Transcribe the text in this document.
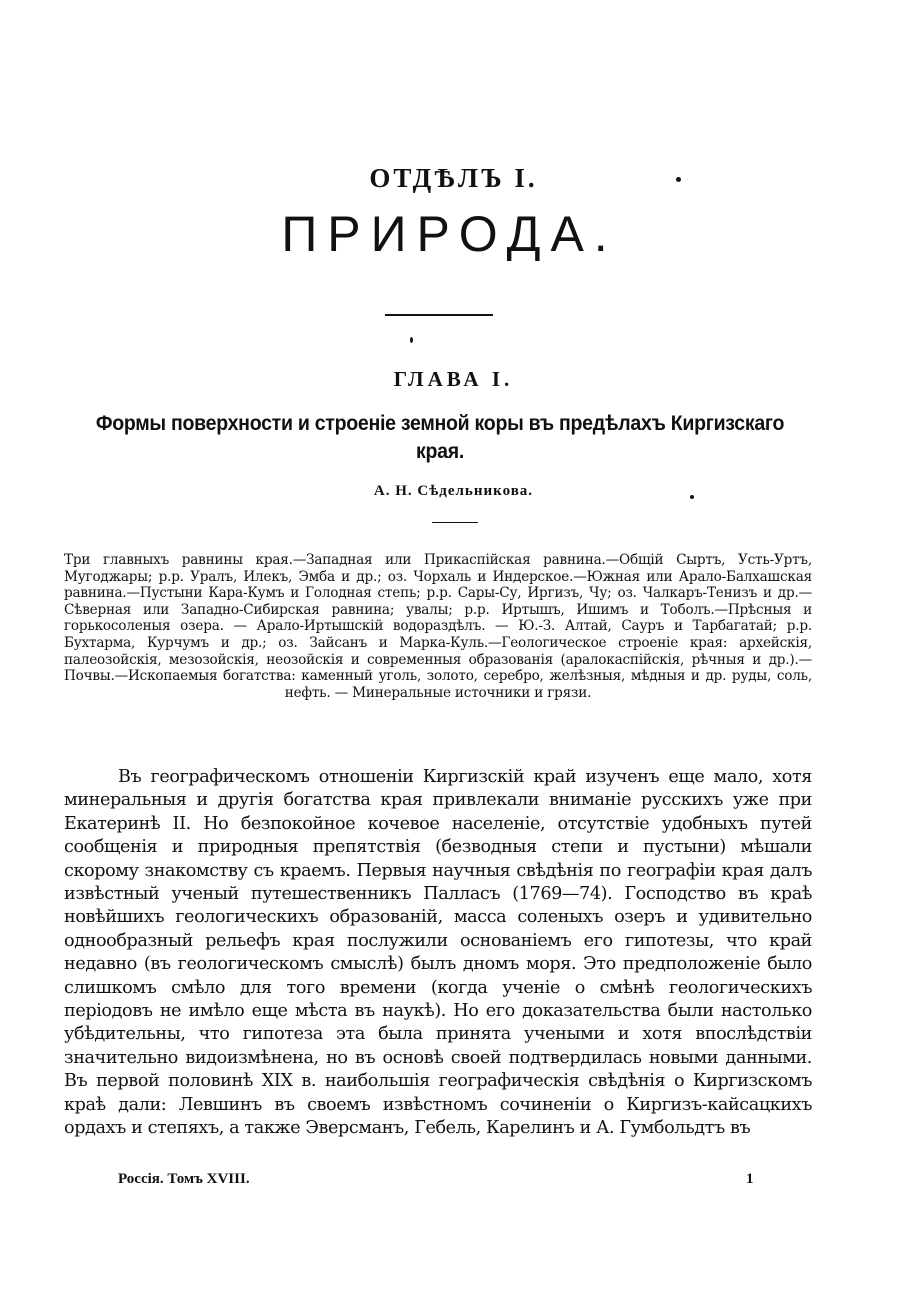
ОТДѢЛЪ I.
ПРИРОДА.
ГЛАВА I.
Формы поверхности и строеніе земной коры въ предѣлахъ Киргизскаго края.
А. Н. Сѣдельникова.
Три главныхъ равнины края.—Западная или Прикаспійская равнина.—Общій Сыртъ, Усть-Уртъ, Мугоджары; р.р. Уралъ, Илекъ, Эмба и др.; оз. Чорхаль и Индерское.—Южная или Арало-Балхашская равнина.—Пустыни Кара-Кумъ и Голодная степь; р.р. Сары-Су, Иргизъ, Чу; оз. Чалкаръ-Тенизъ и др.—Сѣверная или Западно-Сибирская равнина; увалы; р.р. Иртышъ, Ишимъ и Тоболъ.—Прѣсныя и горькосоленыя озера. — Арало-Иртышскій водораздѣлъ. — Ю.-З. Алтай, Сауръ и Тарбагатай; р.р. Бухтарма, Курчумъ и др.; оз. Зайсанъ и Марка-Куль.—Геологическое строеніе края: архейскія, палеозойскія, мезозойскія, неозойскія и современныя образованія (аралокаспійскія, рѣчныя и др.).—Почвы.—Ископаемыя богатства: каменный уголь, золото, серебро, желѣзныя, мѣдныя и др. руды, соль, нефть. — Минеральные источники и грязи.
Въ географическомъ отношеніи Киргизскій край изученъ еще мало, хотя минеральныя и другія богатства края привлекали вниманіе русскихъ уже при Екатеринѣ II. Но безпокойное кочевое населеніе, отсутствіе удобныхъ путей сообщенія и природныя препятствія (безводныя степи и пустыни) мѣшали скорому знакомству съ краемъ. Первыя научныя свѣдѣнія по географіи края далъ извѣстный ученый путешественникъ Палласъ (1769—74). Господство въ краѣ новѣйшихъ геологическихъ образованій, масса соленыхъ озеръ и удивительно однообразный рельефъ края послужили основаніемъ его гипотезы, что край недавно (въ геологическомъ смыслѣ) былъ дномъ моря. Это предположеніе было слишкомъ смѣло для того времени (когда ученіе о смѣнѣ геологическихъ періодовъ не имѣло еще мѣста въ наукѣ). Но его доказательства были настолько убѣдительны, что гипотеза эта была принята учеными и хотя впослѣдствіи значительно видоизмѣнена, но въ основѣ своей подтвердилась новыми данными. Въ первой половинѣ XIX в. наибольшія географическія свѣдѣнія о Киргизскомъ краѣ дали: Левшинъ въ своемъ извѣстномъ сочиненіи о Киргизъ-кайсацкихъ ордахъ и степяхъ, а также Эверсманъ, Гебель, Карелинъ и А. Гумбольдтъ въ
Россія. Томъ XVIII.	1
